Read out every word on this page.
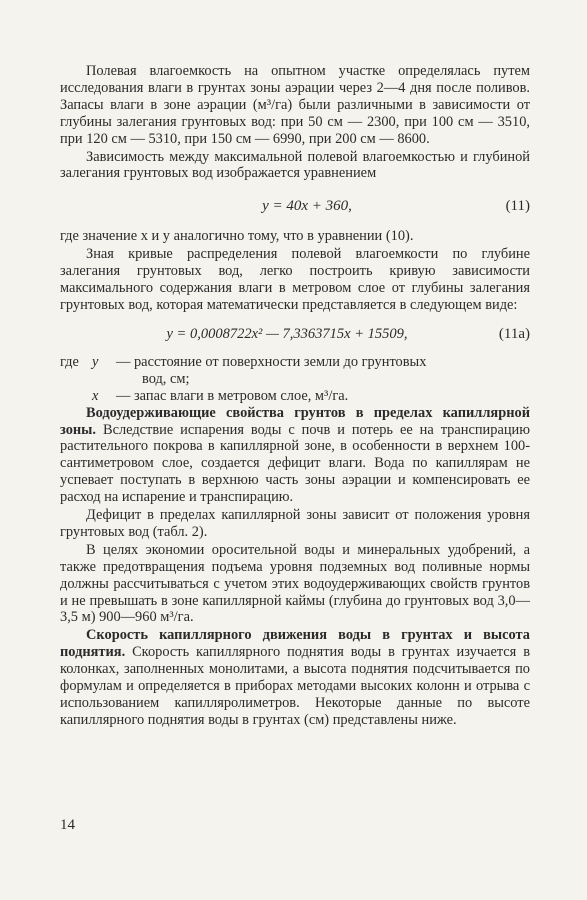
Полевая влагоемкость на опытном участке определялась путем исследования влаги в грунтах зоны аэрации через 2—4 дня после поливов. Запасы влаги в зоне аэрации (м³/га) были различными в зависимости от глубины залегания грунтовых вод: при 50 см — 2300, при 100 см — 3510, при 120 см — 5310, при 150 см — 6990, при 200 см — 8600.

Зависимость между максимальной полевой влагоемкостью и глубиной залегания грунтовых вод изображается уравнением

y = 40x + 360,	(11)

где значение x и y аналогично тому, что в уравнении (10).

Зная кривые распределения полевой влагоемкости по глубине залегания грунтовых вод, легко построить кривую зависимости максимального содержания влаги в метровом слое от глубины залегания грунтовых вод, которая математически представляется в следующем виде:

y = 0,0008722x² — 7,3363715x + 15509,	(11a)
где y — расстояние от поверхности земли до грунтовых
вод, см;
x — запас влаги в метровом слое, м³/га.

Водоудерживающие свойства грунтов в пределах капиллярной зоны. Вследствие испарения воды с почв и потерь ее на транспирацию растительного покрова в капиллярной зоне, в особенности в верхнем 100-сантиметровом слое, создается дефицит влаги. Вода по капиллярам не успевает поступать в верхнюю часть зоны аэрации и компенсировать ее расход на испарение и транспирацию.

Дефицит в пределах капиллярной зоны зависит от положения уровня грунтовых вод (табл. 2).

В целях экономии оросительной воды и минеральных удобрений, а также предотвращения подъема уровня подземных вод поливные нормы должны рассчитываться с учетом этих водоудерживающих свойств грунтов и не превышать в зоне капиллярной каймы (глубина до грунтовых вод 3,0—3,5 м) 900—960 м³/га.

Скорость капиллярного движения воды в грунтах и высота поднятия. Скорость капиллярного поднятия воды в грунтах изучается в колонках, заполненных монолитами, а высота поднятия подсчитывается по формулам и определяется в приборах методами высоких колонн и отрыва с использованием капилляролиметров. Некоторые данные по высоте капиллярного поднятия воды в грунтах (см) представлены ниже.

14
